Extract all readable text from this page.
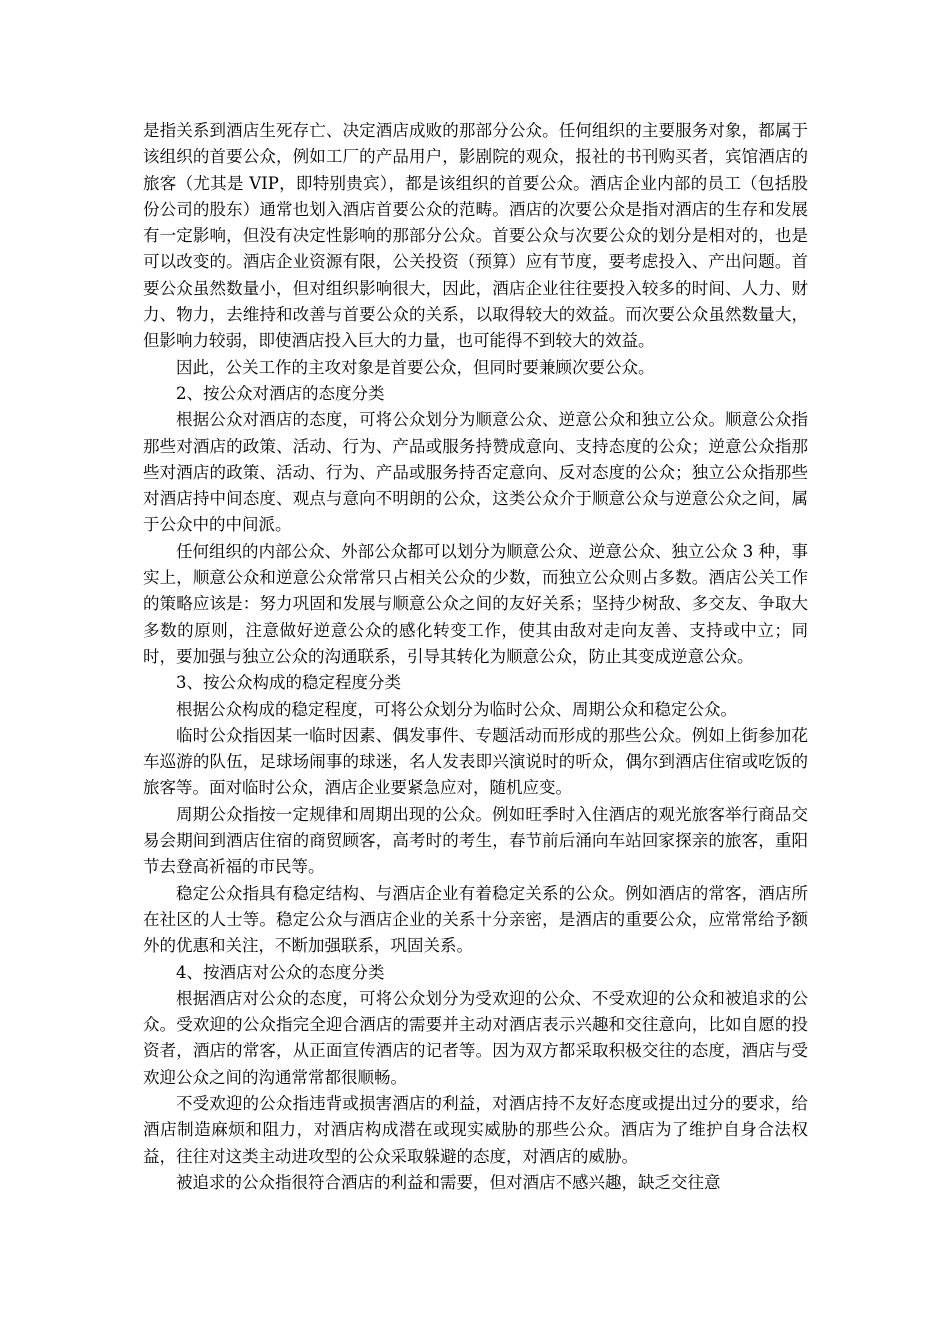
是指关系到酒店生死存亡、决定酒店成败的那部分公众。任何组织的主要服务对象，都属于该组织的首要公众，例如工厂的产品用户，影剧院的观众，报社的书刊购买者，宾馆酒店的旅客（尤其是 VIP，即特别贵宾），都是该组织的首要公众。酒店企业内部的员工（包括股份公司的股东）通常也划入酒店首要公众的范畴。酒店的次要公众是指对酒店的生存和发展有一定影响，但没有决定性影响的那部分公众。首要公众与次要公众的划分是相对的，也是可以改变的。酒店企业资源有限，公关投资（预算）应有节度，要考虑投入、产出问题。首要公众虽然数量小，但对组织影响很大，因此，酒店企业往往要投入较多的时间、人力、财力、物力，去维持和改善与首要公众的关系，以取得较大的效益。而次要公众虽然数量大，但影响力较弱，即使酒店投入巨大的力量，也可能得不到较大的效益。

因此，公关工作的主攻对象是首要公众，但同时要兼顾次要公众。

2、按公众对酒店的态度分类

根据公众对酒店的态度，可将公众划分为顺意公众、逆意公众和独立公众。顺意公众指那些对酒店的政策、活动、行为、产品或服务持赞成意向、支持态度的公众；逆意公众指那些对酒店的政策、活动、行为、产品或服务持否定意向、反对态度的公众；独立公众指那些对酒店持中间态度、观点与意向不明朗的公众，这类公众介于顺意公众与逆意公众之间，属于公众中的中间派。

任何组织的内部公众、外部公众都可以划分为顺意公众、逆意公众、独立公众 3 种，事实上，顺意公众和逆意公众常常只占相关公众的少数，而独立公众则占多数。酒店公关工作的策略应该是：努力巩固和发展与顺意公众之间的友好关系；坚持少树敌、多交友、争取大多数的原则，注意做好逆意公众的感化转变工作，使其由敌对走向友善、支持或中立；同时，要加强与独立公众的沟通联系，引导其转化为顺意公众，防止其变成逆意公众。

3、按公众构成的稳定程度分类

根据公众构成的稳定程度，可将公众划分为临时公众、周期公众和稳定公众。

临时公众指因某一临时因素、偶发事件、专题活动而形成的那些公众。例如上街参加花车巡游的队伍，足球场闹事的球迷，名人发表即兴演说时的听众，偶尔到酒店住宿或吃饭的旅客等。面对临时公众，酒店企业要紧急应对，随机应变。

周期公众指按一定规律和周期出现的公众。例如旺季时入住酒店的观光旅客举行商品交易会期间到酒店住宿的商贸顾客，高考时的考生，春节前后涌向车站回家探亲的旅客，重阳节去登高祈福的市民等。

稳定公众指具有稳定结构、与酒店企业有着稳定关系的公众。例如酒店的常客，酒店所在社区的人士等。稳定公众与酒店企业的关系十分亲密，是酒店的重要公众，应常常给予额外的优惠和关注，不断加强联系，巩固关系。

4、按酒店对公众的态度分类

根据酒店对公众的态度，可将公众划分为受欢迎的公众、不受欢迎的公众和被追求的公众。受欢迎的公众指完全迎合酒店的需要并主动对酒店表示兴趣和交往意向，比如自愿的投资者，酒店的常客，从正面宣传酒店的记者等。因为双方都采取积极交往的态度，酒店与受欢迎公众之间的沟通常常都很顺畅。

不受欢迎的公众指违背或损害酒店的利益，对酒店持不友好态度或提出过分的要求，给酒店制造麻烦和阻力，对酒店构成潜在或现实威胁的那些公众。酒店为了维护自身合法权益，往往对这类主动进攻型的公众采取躲避的态度，对酒店的威胁。

被追求的公众指很符合酒店的利益和需要，但对酒店不感兴趣，缺乏交往意
